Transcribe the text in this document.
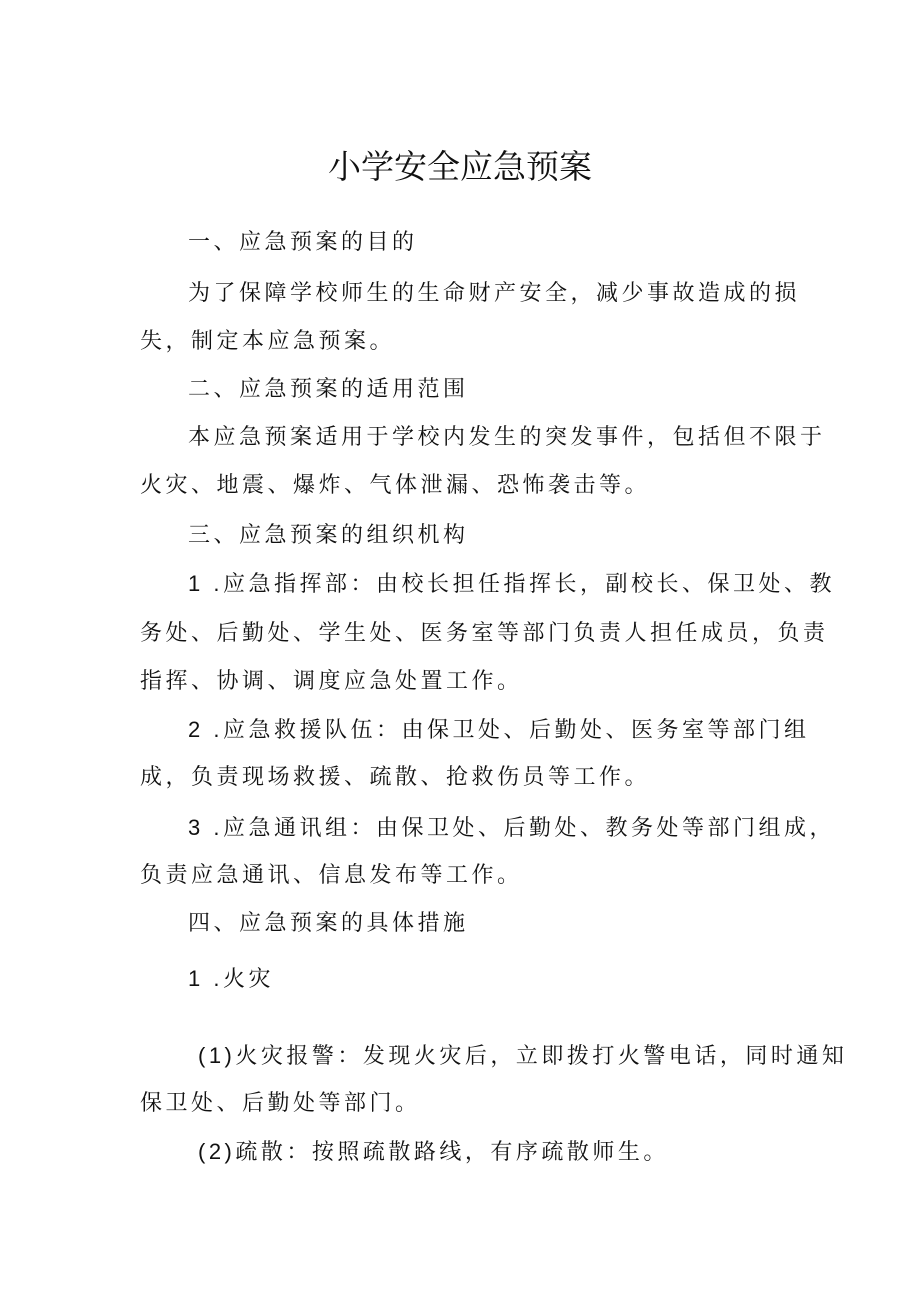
小学安全应急预案
一、应急预案的目的
为了保障学校师生的生命财产安全，减少事故造成的损
失，制定本应急预案。
二、应急预案的适用范围
本应急预案适用于学校内发生的突发事件，包括但不限于
火灾、地震、爆炸、气体泄漏、恐怖袭击等。
三、应急预案的组织机构
1 .应急指挥部：由校长担任指挥长，副校长、保卫处、教
务处、后勤处、学生处、医务室等部门负责人担任成员，负责
指挥、协调、调度应急处置工作。
2 .应急救援队伍：由保卫处、后勤处、医务室等部门组
成，负责现场救援、疏散、抢救伤员等工作。
3 .应急通讯组：由保卫处、后勤处、教务处等部门组成，
负责应急通讯、信息发布等工作。
四、应急预案的具体措施
1 .火灾
(1)火灾报警：发现火灾后，立即拨打火警电话，同时通知
保卫处、后勤处等部门。
(2)疏散：按照疏散路线，有序疏散师生。
